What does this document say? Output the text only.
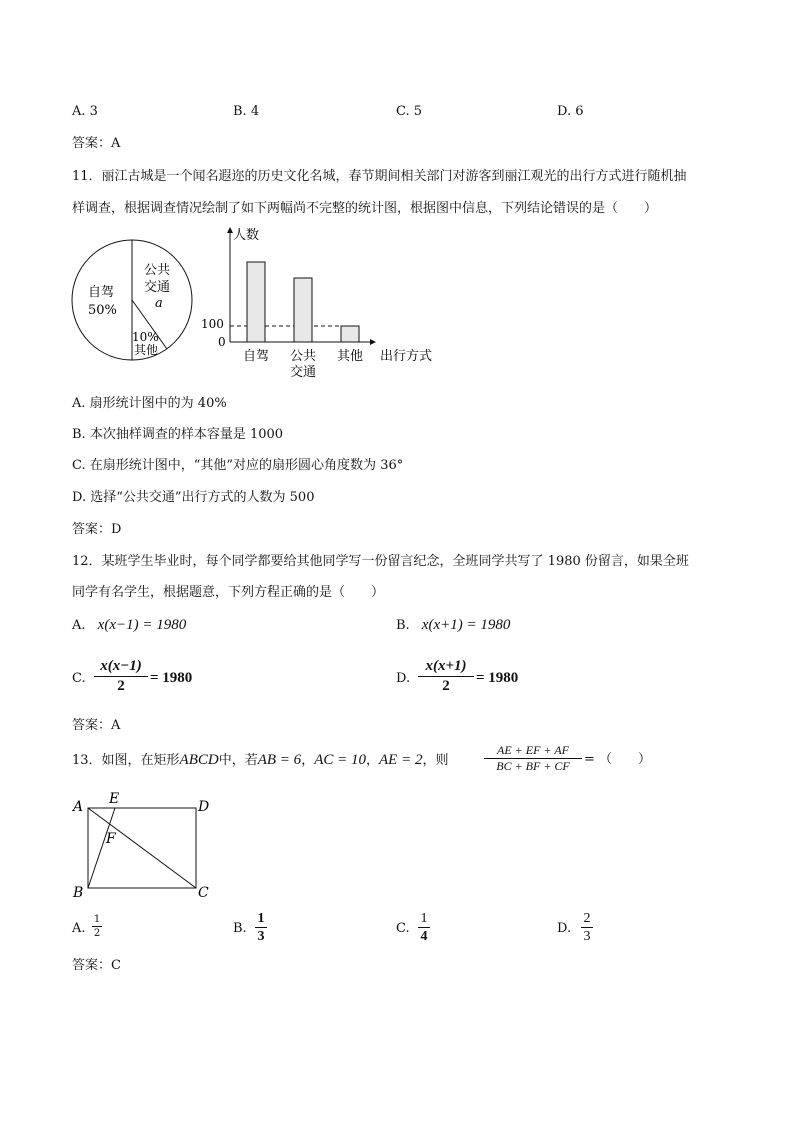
A. 3	B. 4	C. 5	D. 6
答案：A
11．丽江古城是一个闻名遐迩的历史文化名城，春节期间相关部门对游客到丽江观光的出行方式进行随机抽
样调查，根据调查情况绘制了如下两幅尚不完整的统计图，根据图中信息，下列结论错误的是（　　）
自驾
50%
公共
交通
a
10%
其他
人数
出行方式
0
100
自驾 公共
交通
其他
A. 扇形统计图中的为 40%
B. 本次抽样调查的样本容量是 1000
C. 在扇形统计图中，“其他”对应的扇形圆心角度数为 36°
D. 选择“公共交通”出行方式的人数为 500
答案：D
12．某班学生毕业时，每个同学都要给其他同学写一份留言纪念，全班同学共写了 1980 份留言，如果全班
同学有名学生，根据题意，下列方程正确的是（　　）
A. x(x−1) = 1980	B. x(x+1) = 1980
C.
x(x−1)
2	= 1980	D.
x(x+1)
2	= 1980
答案：A
13．如图，在矩形ABCD中，若AB = 6，AC = 10，AE = 2，则
AE + EF + AF
BC + BF + CF	= （　　）
A E	D
F
B	C
A.
1
2	B.
1
3
C.
1
4
D.
2
3
答案：C
